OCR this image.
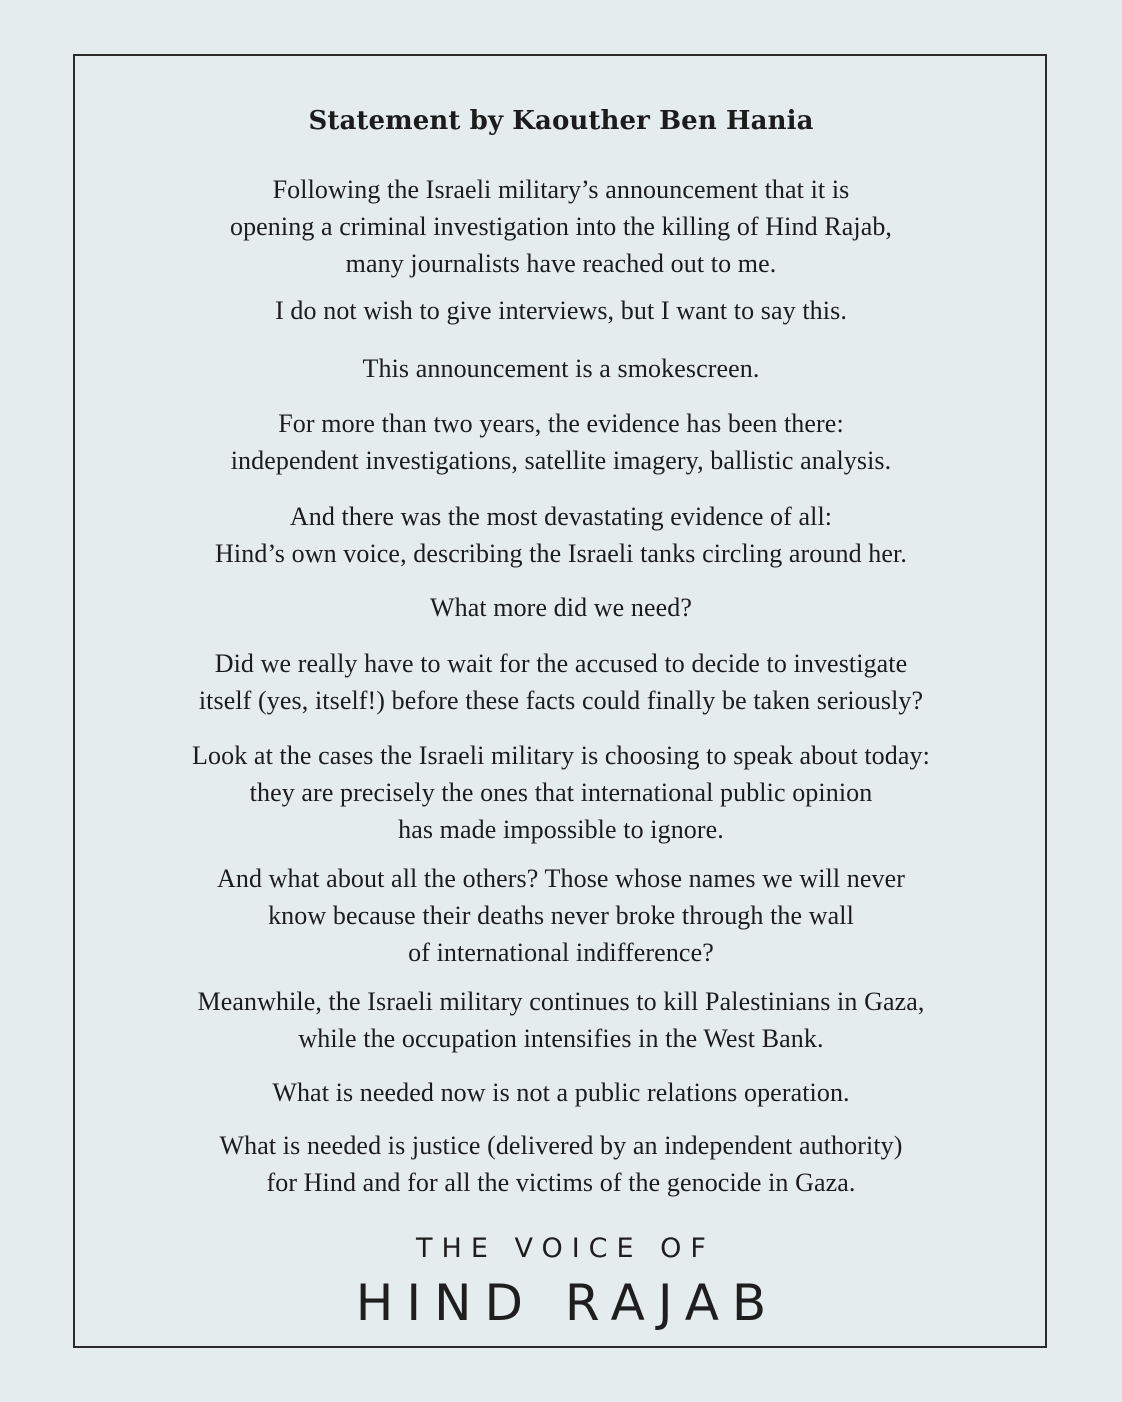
Statement by Kaouther Ben Hania

Following the Israeli military’s announcement that it is
opening a criminal investigation into the killing of Hind Rajab,
many journalists have reached out to me.

I do not wish to give interviews, but I want to say this.

This announcement is a smokescreen.

For more than two years, the evidence has been there:
independent investigations, satellite imagery, ballistic analysis.

And there was the most devastating evidence of all:
Hind’s own voice, describing the Israeli tanks circling around her.

What more did we need?

Did we really have to wait for the accused to decide to investigate
itself (yes, itself!) before these facts could finally be taken seriously?

Look at the cases the Israeli military is choosing to speak about today:
they are precisely the ones that international public opinion
has made impossible to ignore.

And what about all the others? Those whose names we will never
know because their deaths never broke through the wall
of international indifference?

Meanwhile, the Israeli military continues to kill Palestinians in Gaza,
while the occupation intensifies in the West Bank.

What is needed now is not a public relations operation.

What is needed is justice (delivered by an independent authority)
for Hind and for all the victims of the genocide in Gaza.

THE VOICE OF
HIND RAJAB
